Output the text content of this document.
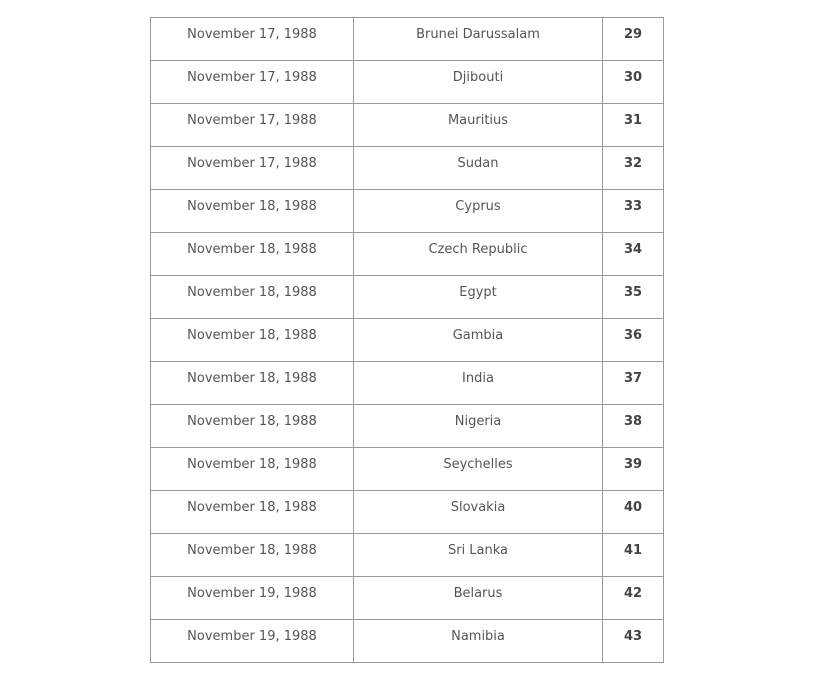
November 17, 1988	Brunei Darussalam	29
November 17, 1988	Djibouti	30
November 17, 1988	Mauritius	31
November 17, 1988	Sudan	32
November 18, 1988	Cyprus	33
November 18, 1988	Czech Republic	34
November 18, 1988	Egypt	35
November 18, 1988	Gambia	36
November 18, 1988	India	37
November 18, 1988	Nigeria	38
November 18, 1988	Seychelles	39
November 18, 1988	Slovakia	40
November 18, 1988	Sri Lanka	41
November 19, 1988	Belarus	42
November 19, 1988	Namibia	43
